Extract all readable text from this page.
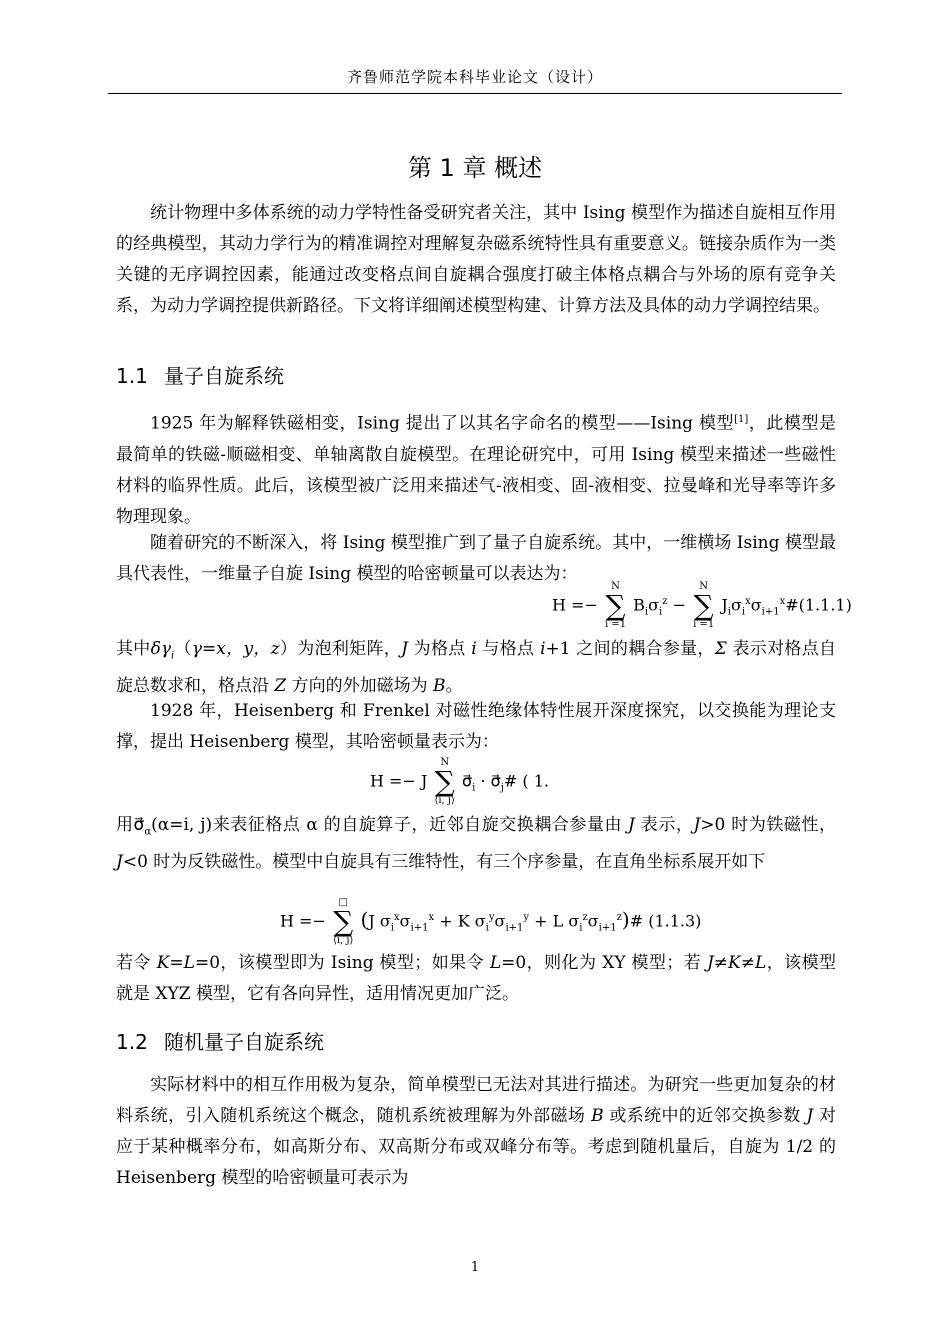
齐鲁师范学院本科毕业论文（设计）
第 1 章 概述

统计物理中多体系统的动力学特性备受研究者关注，其中 Ising 模型作为描述自旋相互作用的经典模型，其动力学行为的精准调控对理解复杂磁系统特性具有重要意义。链接杂质作为一类关键的无序调控因素，能通过改变格点间自旋耦合强度打破主体格点耦合与外场的原有竞争关系，为动力学调控提供新路径。下文将详细阐述模型构建、计算方法及具体的动力学调控结果。

1.1 量子自旋系统

1925 年为解释铁磁相变，Ising 提出了以其名字命名的模型——Ising 模型[1]，此模型是最简单的铁磁-顺磁相变、单轴离散自旋模型。在理论研究中，可用 Ising 模型来描述一些磁性材料的临界性质。此后，该模型被广泛用来描述气-液相变、固-液相变、拉曼峰和光导率等许多物理现象。

随着研究的不断深入，将 Ising 模型推广到了量子自旋系统。其中，一维横场 Ising 模型最具代表性，一维量子自旋 Ising 模型的哈密顿量可以表达为：

H =−
N
∑
i =1
$B_i\sigma_i^z$ −
N
∑
i =1
$J_i\sigma_i^x\sigma_{i+1}^x\#(1.1.1)$

其中$\delta\gamma_i(\gamma=x$，y，z）为泡利矩阵，J 为格点 i 与格点 i+1 之间的耦合参量，Σ 表示对格点自旋总数求和，格点沿 Z 方向的外加磁场为 B。

1928 年，Heisenberg 和 Frenkel 对磁性绝缘体特性展开深度探究，以交换能为理论支撑，提出 Heisenberg 模型，其哈密顿量表示为：

H =− J
N
∑
⟨i, j⟩
$\sigma⃗_i$ · $\sigma⃗_j\#$ ( 1.

用$\sigma⃗_\alpha(\alpha=i$, j)来表征格点 α 的自旋算子，近邻自旋交换耦合参量由 J 表示，J>0 时为铁磁性，J<0 时为反铁磁性。模型中自旋具有三维特性，有三个序参量，在直角坐标系展开如下

H =−
□
∑
⟨i, j⟩
(J $\sigma_i^x\sigma_{i+1}^x + K$ $\sigma_i^y\sigma_{i+1}^y + L$ $\sigma_i^z\sigma_{i+1}^z)\#$ (1.1.3)

若令 K=L=0，该模型即为 Ising 模型；如果令 L=0，则化为 XY 模型；若 J≠K≠L，该模型就是 XYZ 模型，它有各向异性，适用情况更加广泛。

1.2 随机量子自旋系统

实际材料中的相互作用极为复杂，简单模型已无法对其进行描述。为研究一些更加复杂的材料系统，引入随机系统这个概念，随机系统被理解为外部磁场 B 或系统中的近邻交换参数 J 对应于某种概率分布，如高斯分布、双高斯分布或双峰分布等。考虑到随机量后，自旋为 1/2 的 Heisenberg 模型的哈密顿量可表示为

1
